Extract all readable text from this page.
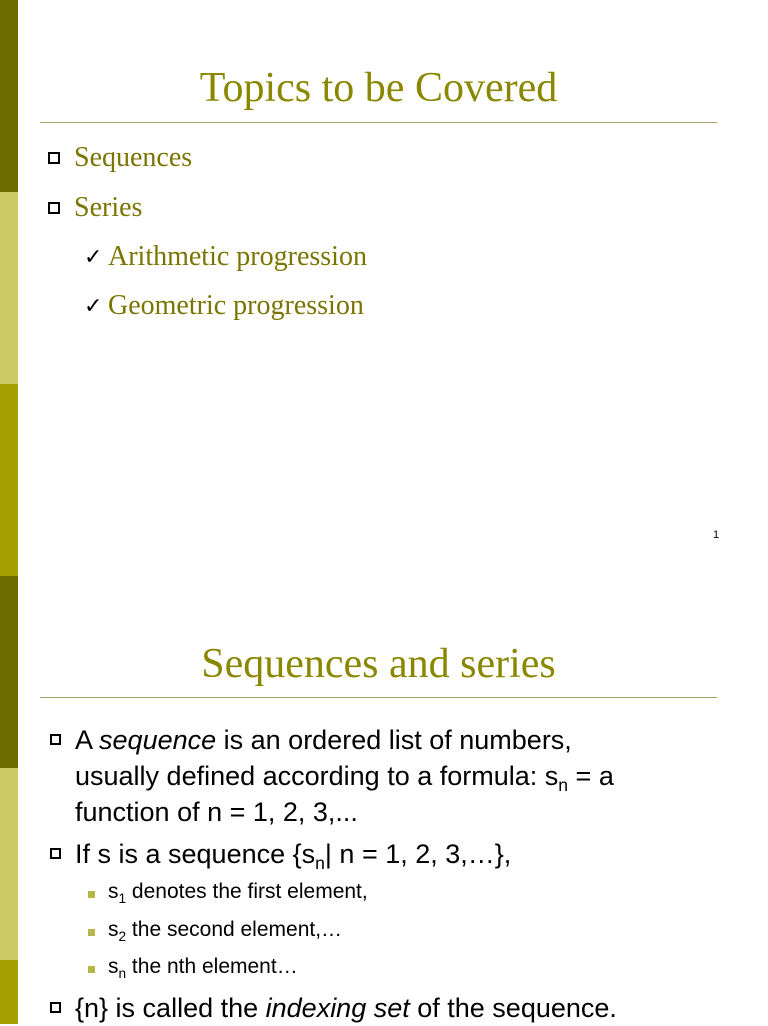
Topics to be Covered
Sequences
Series
✓ Arithmetic progression
✓ Geometric progression
1
Sequences and series
A sequence is an ordered list of numbers,
usually defined according to a formula: $s_n = a$
function of n = 1, 2, 3,...
If s is a sequence {$s_n|$ n = 1, 2, 3,…},
$s_1$ denotes the first element,
$s_2$ the second element,…
$s_n$ the nth element…
{n} is called the indexing set of the sequence.
